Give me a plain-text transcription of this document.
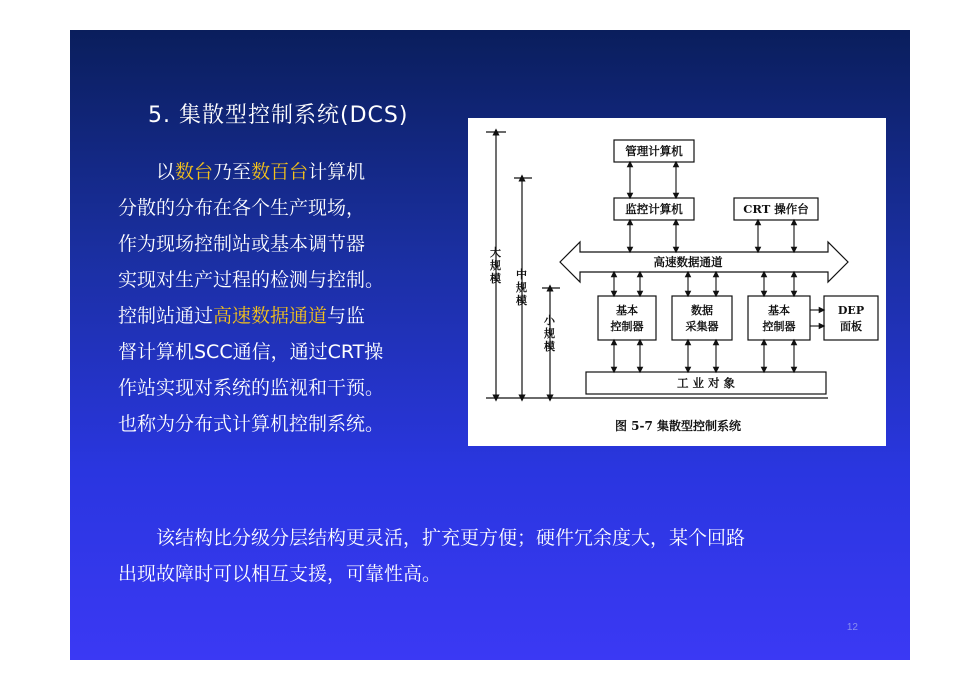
5. 集散型控制系统(DCS)
　　以数台乃至数百台计算机
分散的分布在各个生产现场，
作为现场控制站或基本调节器
实现对生产过程的检测与控制。
控制站通过高速数据通道与监
督计算机SCC通信，通过CRT操
作站实现对系统的监视和干预。
也称为分布式计算机控制系统。
大
规
模 中
规
模
小
规
模
管理计算机
监控计算机	CRT 操作台
高速数据通道
基本
控制器
数据
采集器
基本
控制器
DEP
面板
工 业 对 象
图 5-7 集散型控制系统
　　该结构比分级分层结构更灵活，扩充更方便；硬件冗余度大，某个回路
出现故障时可以相互支援，可靠性高。
12
